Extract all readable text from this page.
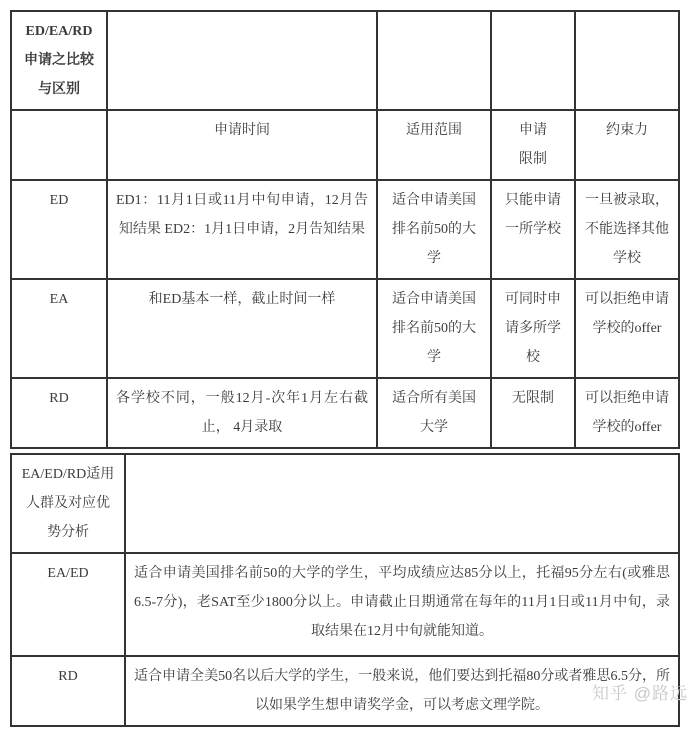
ED/EA/RD申请之比较与区别				
	申请时间	适用范围	申请限制	约束力
ED	ED1：11月1日或11月中旬申请，12月告知结果 ED2：1月1日申请，2月告知结果	适合申请美国排名前50的大学	只能申请一所学校	一旦被录取，不能选择其他学校
EA	和ED基本一样，截止时间一样	适合申请美国排名前50的大学	可同时申请多所学校	可以拒绝申请学校的offer
RD	各学校不同，一般12月-次年1月左右截止， 4月录取	适合所有美国大学	无限制	可以拒绝申请学校的offer
EA/ED/RD适用人群及对应优势分析	
EA/ED	适合申请美国排名前50的大学的学生，平均成绩应达85分以上，托福95分左右(或雅思6.5-7分)，老SAT至少1800分以上。申请截止日期通常在每年的11月1日或11月中旬，录取结果在12月中旬就能知道。
RD	适合申请全美50名以后大学的学生，一般来说，他们要达到托福80分或者雅思6.5分，所以如果学生想申请奖学金，可以考虑文理学院。
知乎 @路远
